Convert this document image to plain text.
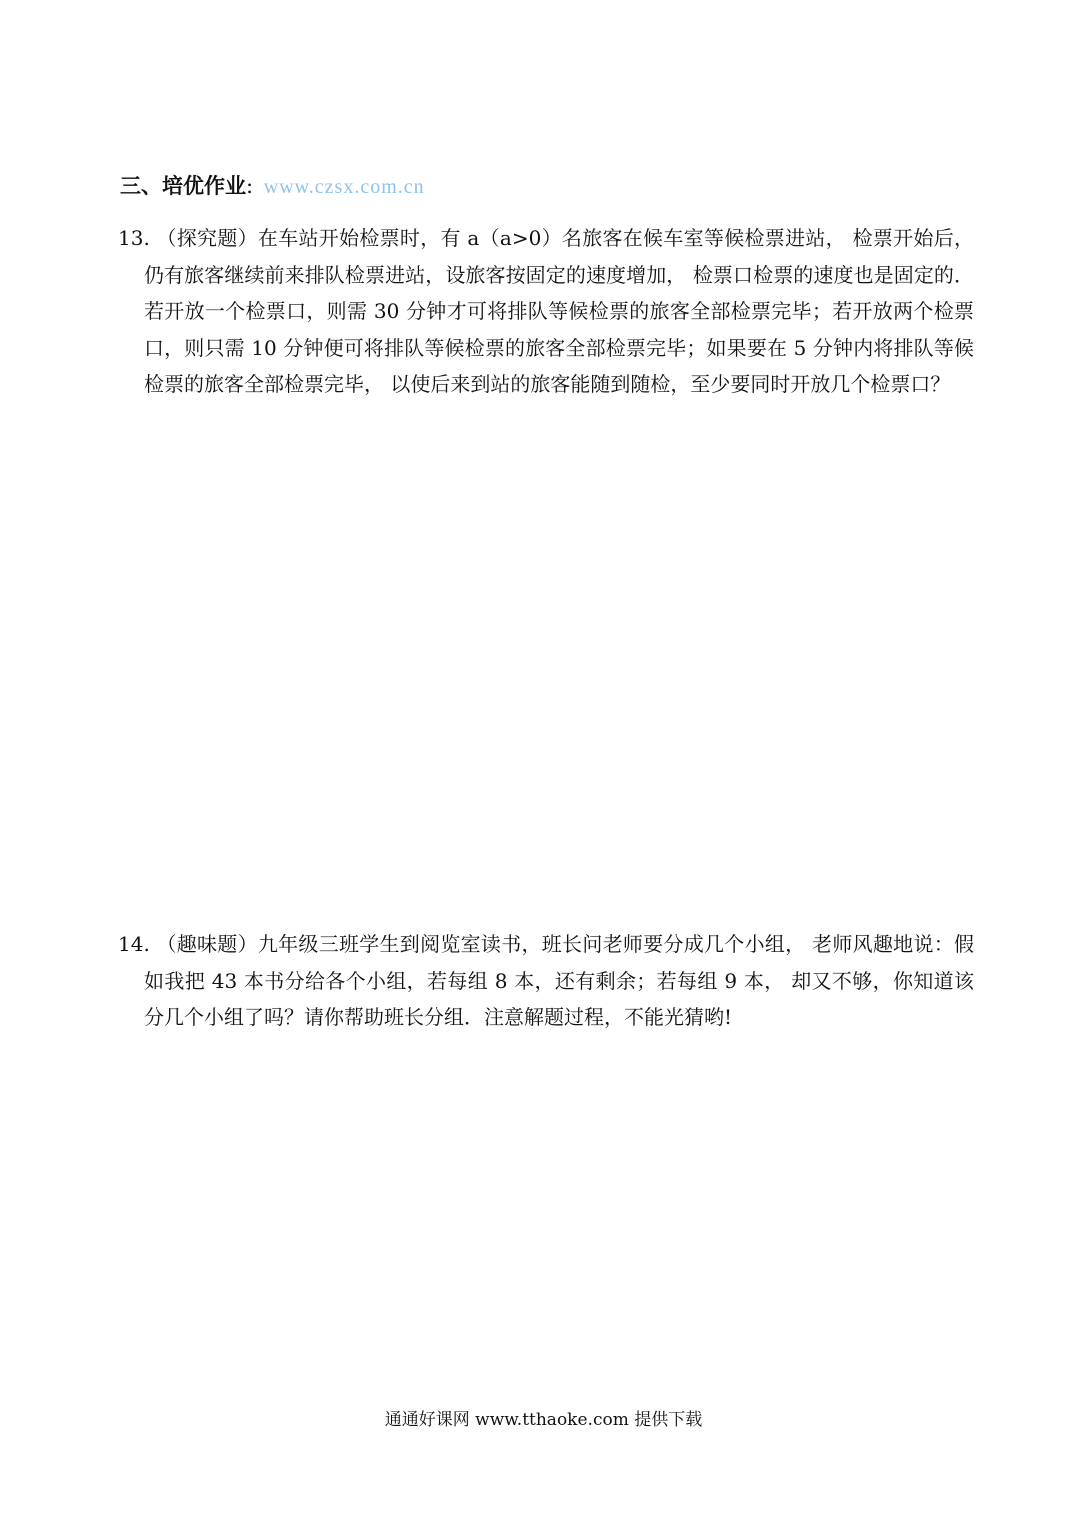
三、培优作业: www.czsx.com.cn
13. （探究题）在车站开始检票时，有 a（a>0）名旅客在候车室等候检票进站， 检票开始后，仍有旅客继续前来排队检票进站，设旅客按固定的速度增加， 检票口检票的速度也是固定的．若开放一个检票口，则需 30 分钟才可将排队等候检票的旅客全部检票完毕；若开放两个检票口，则只需 10 分钟便可将排队等候检票的旅客全部检票完毕；如果要在 5 分钟内将排队等候检票的旅客全部检票完毕， 以使后来到站的旅客能随到随检，至少要同时开放几个检票口？
14. （趣味题）九年级三班学生到阅览室读书，班长问老师要分成几个小组， 老师风趣地说：假如我把 43 本书分给各个小组，若每组 8 本，还有剩余；若每组 9 本， 却又不够，你知道该分几个小组了吗？请你帮助班长分组．注意解题过程，不能光猜哟!
通通好课网 www.tthaoke.com 提供下载
